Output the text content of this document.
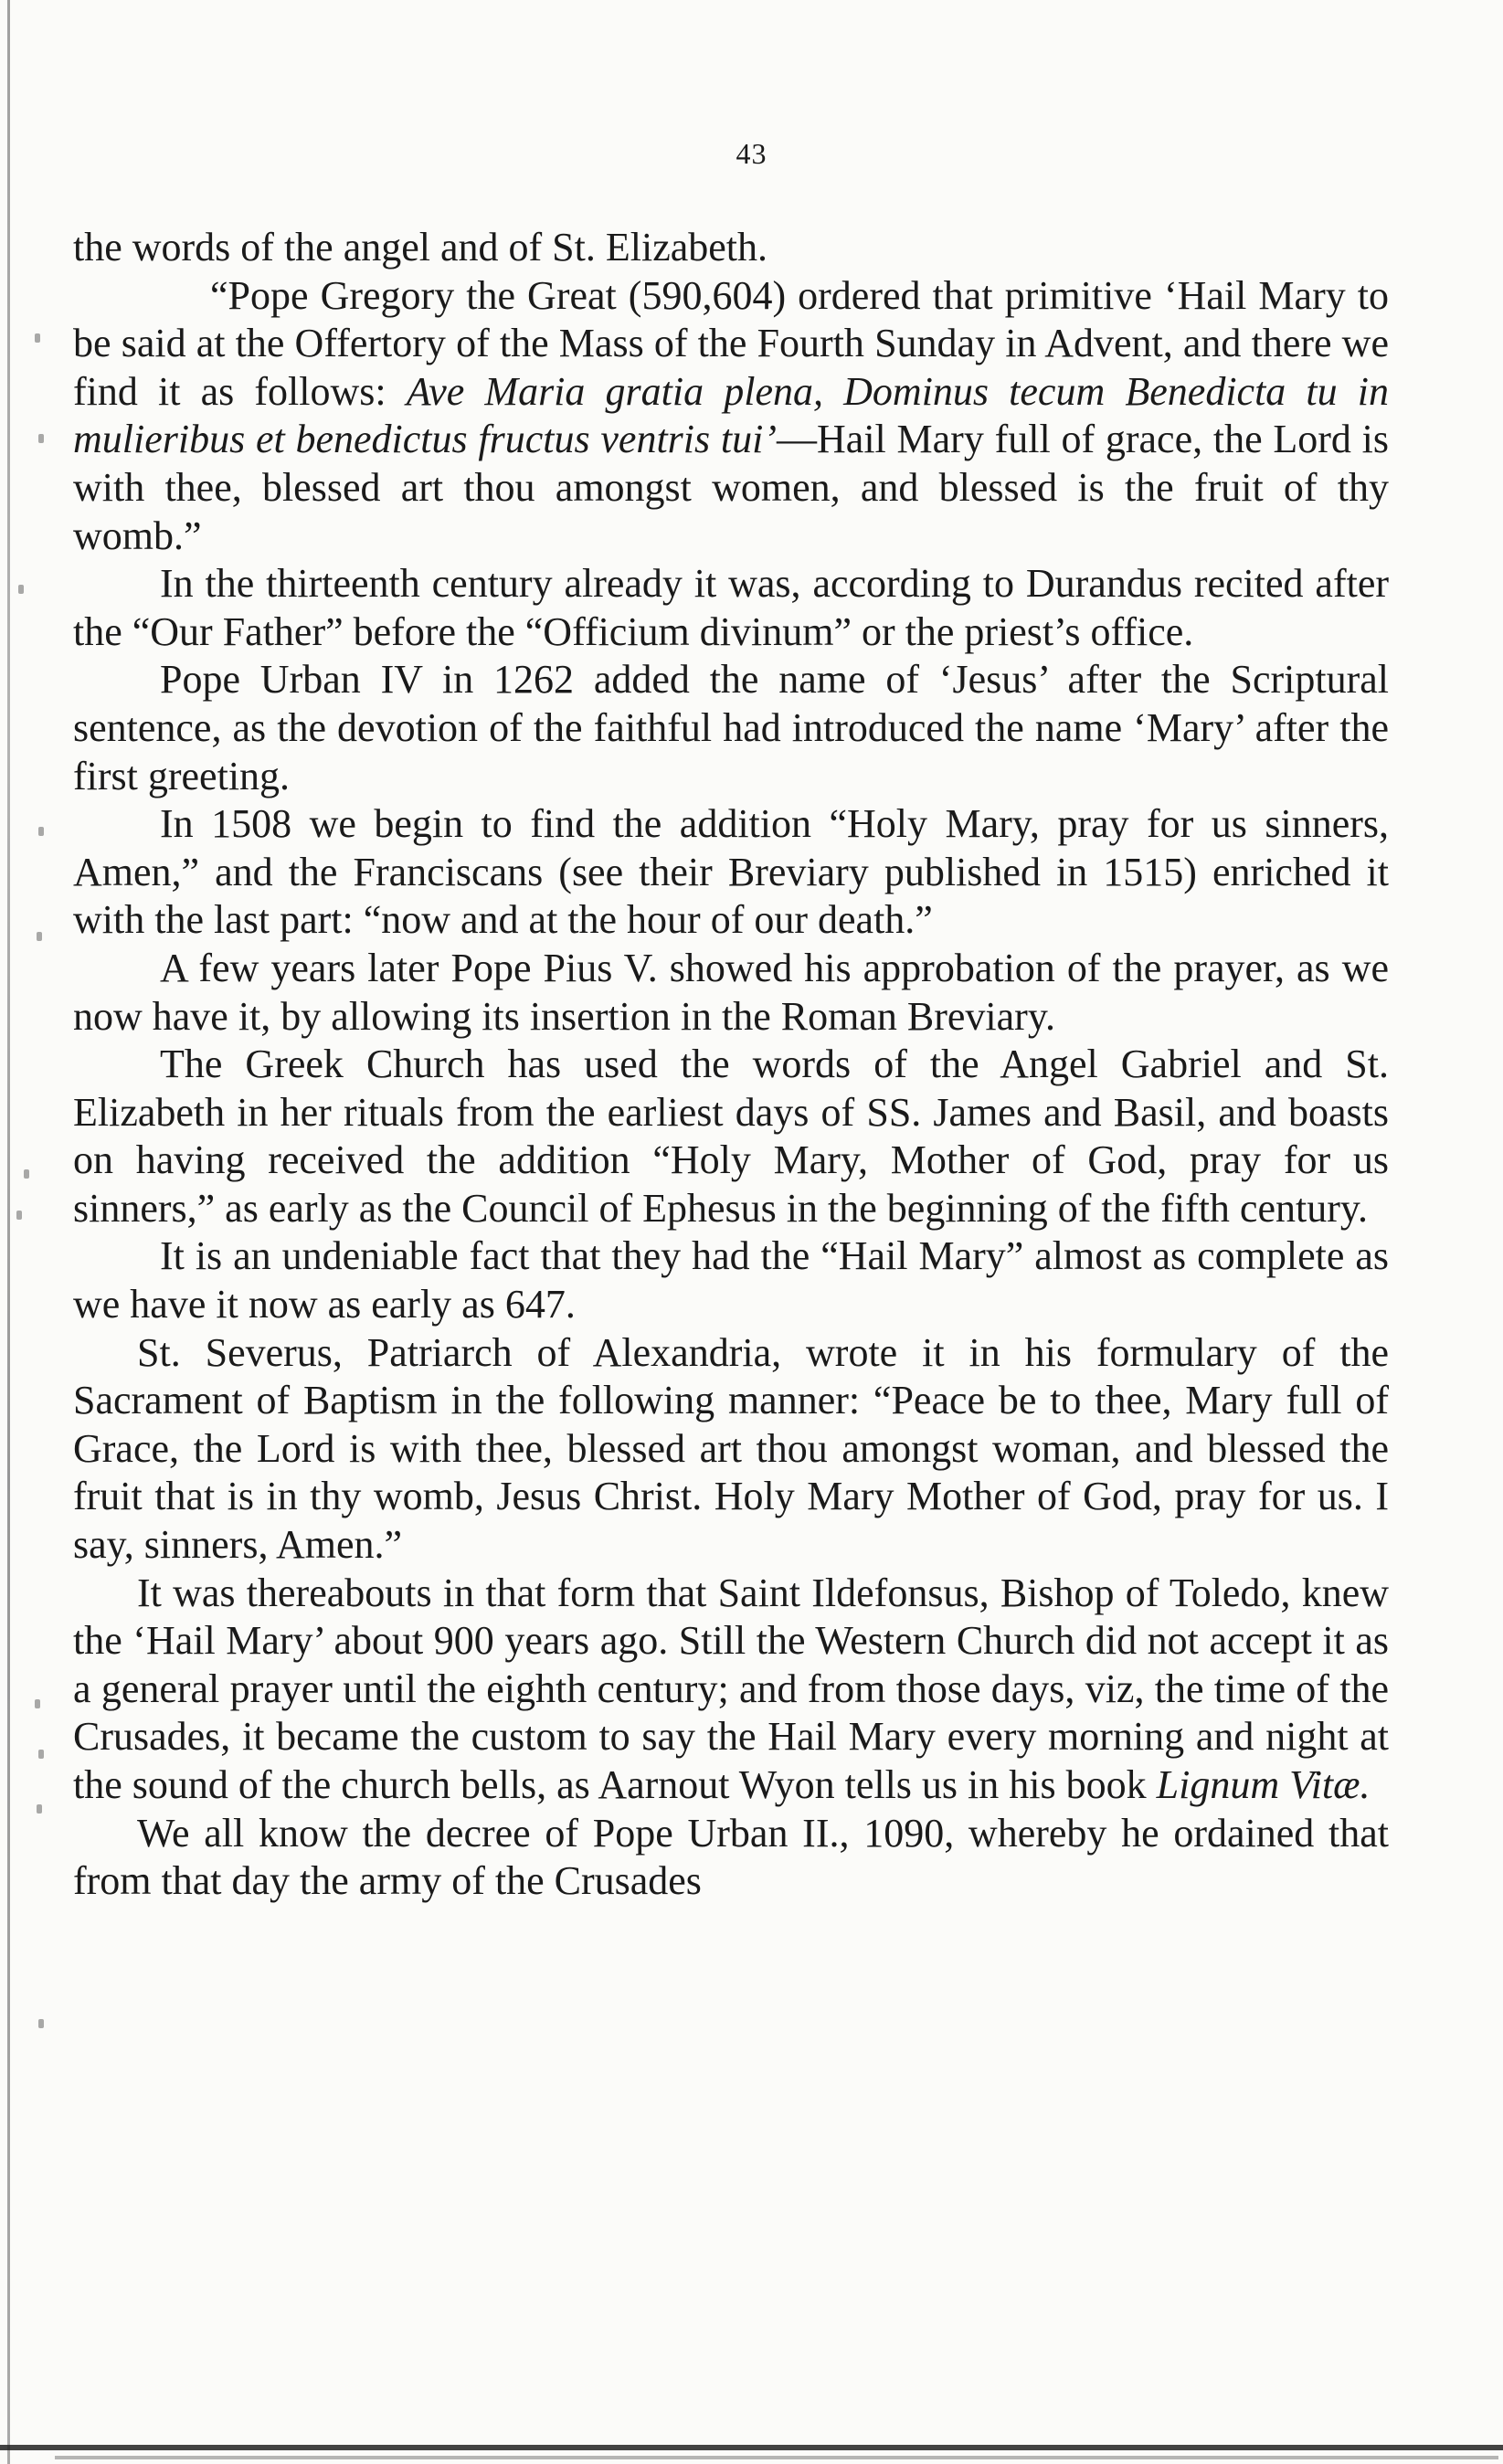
43

the words of the angel and of St. Elizabeth.

“Pope Gregory the Great (590,604) ordered that primitive ‘Hail Mary to be said at the Offertory of the Mass of the Fourth Sunday in Advent, and there we find it as follows: Ave Maria gratia plena, Dominus tecum Benedicta tu in mulieribus et benedictus fructus ventris tui’—Hail Mary full of grace, the Lord is with thee, blessed art thou amongst women, and blessed is the fruit of thy womb.”

In the thirteenth century already it was, according to Durandus recited after the “Our Father” before the “Officium divinum” or the priest’s office.

Pope Urban IV in 1262 added the name of ‘Jesus’ after the Scriptural sentence, as the devotion of the faithful had introduced the name ‘Mary’ after the first greeting.

In 1508 we begin to find the addition “Holy Mary, pray for us sinners, Amen,” and the Franciscans (see their Breviary published in 1515) enriched it with the last part: “now and at the hour of our death.”

A few years later Pope Pius V. showed his approbation of the prayer, as we now have it, by allowing its insertion in the Roman Breviary.

The Greek Church has used the words of the Angel Gabriel and St. Elizabeth in her rituals from the earliest days of SS. James and Basil, and boasts on having received the addition “Holy Mary, Mother of God, pray for us sinners,” as early as the Council of Ephesus in the beginning of the fifth century.

It is an undeniable fact that they had the “Hail Mary” almost as complete as we have it now as early as 647.

St. Severus, Patriarch of Alexandria, wrote it in his formulary of the Sacrament of Baptism in the following manner: “Peace be to thee, Mary full of Grace, the Lord is with thee, blessed art thou amongst woman, and blessed the fruit that is in thy womb, Jesus Christ. Holy Mary Mother of God, pray for us. I say, sinners, Amen.”

It was thereabouts in that form that Saint Ildefonsus, Bishop of Toledo, knew the ‘Hail Mary’ about 900 years ago. Still the Western Church did not accept it as a general prayer until the eighth century; and from those days, viz, the time of the Crusades, it became the custom to say the Hail Mary every morning and night at the sound of the church bells, as Aarnout Wyon tells us in his book Lignum Vitæ.

We all know the decree of Pope Urban II., 1090, whereby he ordained that from that day the army of the Crusades
